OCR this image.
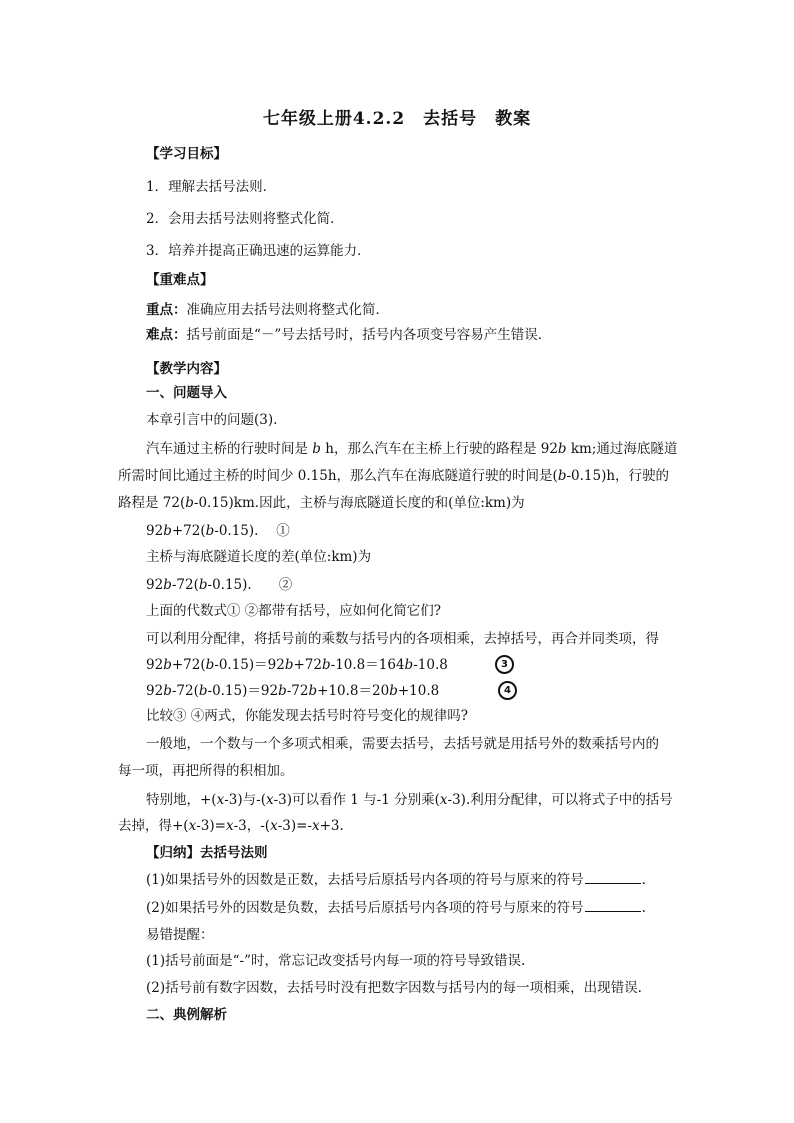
七年级上册4.2.2　去括号　教案
【学习目标】
1．理解去括号法则．
2．会用去括号法则将整式化简．
3．培养并提高正确迅速的运算能力．
【重难点】
重点：准确应用去括号法则将整式化简．
难点：括号前面是“－”号去括号时，括号内各项变号容易产生错误．
【教学内容】
一、问题导入
本章引言中的问题(3).
汽车通过主桥的行驶时间是 b h，那么汽车在主桥上行驶的路程是 92b km;通过海底隧道
所需时间比通过主桥的时间少 0.15h，那么汽车在海底隧道行驶的时间是(b-0.15)h，行驶的
路程是 72(b-0.15)km.因此，主桥与海底隧道长度的和(单位:km)为
92b+72(b-0.15).　 ①
主桥与海底隧道长度的差(单位:km)为
92b-72(b-0.15).　　②
上面的代数式① ②都带有括号，应如何化简它们?
可以利用分配律，将括号前的乘数与括号内的各项相乘，去掉括号，再合并同类项，得
92b+72(b-0.15)＝92b+72b-10.8＝164b-10.8	3
92b-72(b-0.15)＝92b-72b+10.8＝20b+10.8	4
比较③ ④两式，你能发现去括号时符号变化的规律吗?
一般地，一个数与一个多项式相乘，需要去括号，去括号就是用括号外的数乘括号内的
每一项，再把所得的积相加。
特别地，+(x-3)与-(x-3)可以看作 1 与-1 分别乘(x-3).利用分配律，可以将式子中的括号
去掉，得+(x-3)=x-3，-(x-3)=-x+3.
【归纳】去括号法则
(1)如果括号外的因数是正数，去括号后原括号内各项的符号与原来的符号	.
(2)如果括号外的因数是负数，去括号后原括号内各项的符号与原来的符号	.
易错提醒：
(1)括号前面是“-”时，常忘记改变括号内每一项的符号导致错误.
(2)括号前有数字因数，去括号时没有把数字因数与括号内的每一项相乘，出现错误.
二、典例解析
